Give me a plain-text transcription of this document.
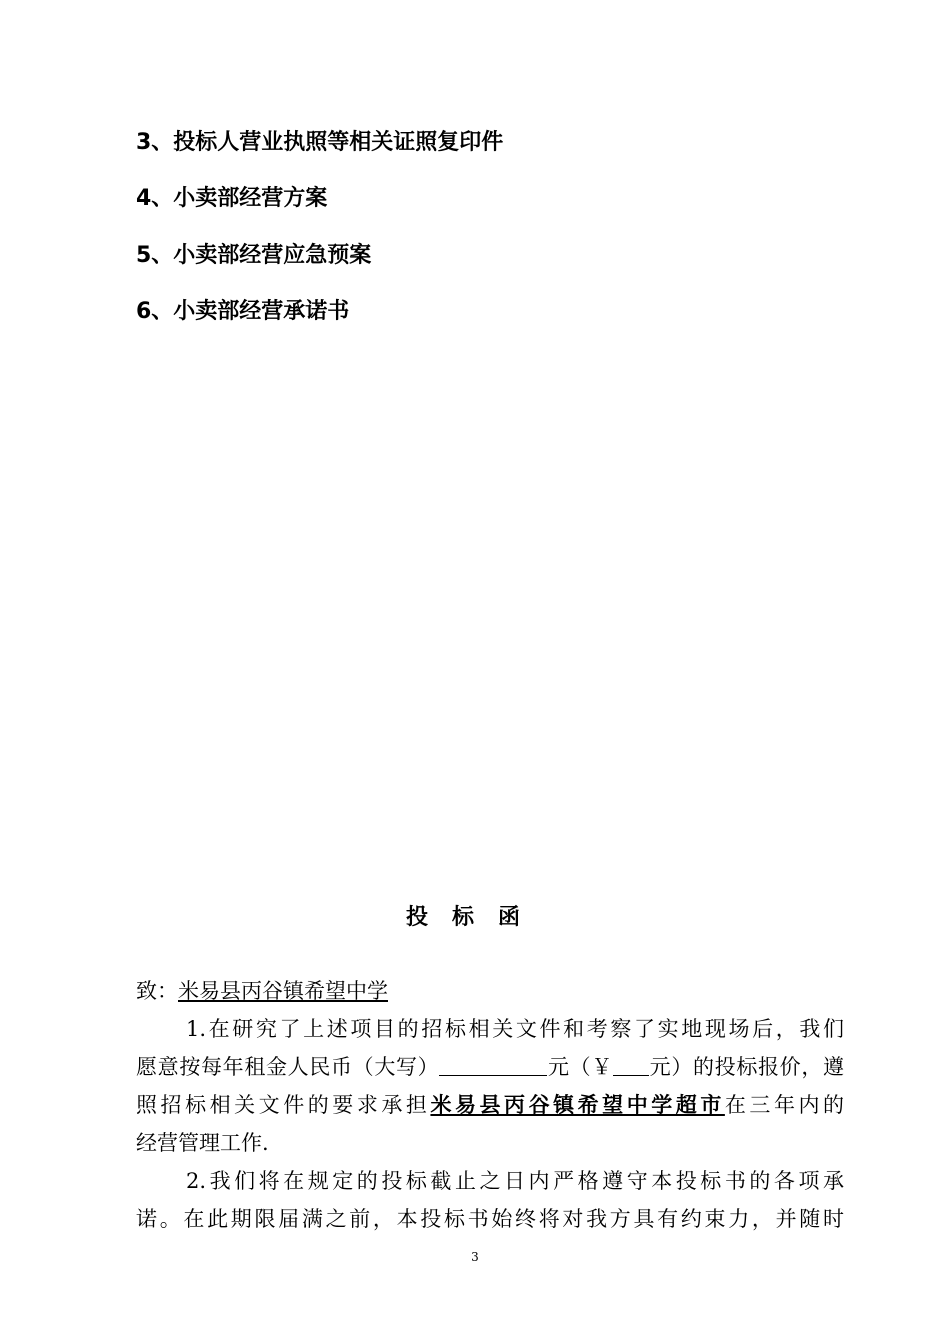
3、投标人营业执照等相关证照复印件
4、小卖部经营方案
5、小卖部经营应急预案
6、小卖部经营承诺书
投标函
致：米易县丙谷镇希望中学
1.在研究了上述项目的招标相关文件和考察了实地现场后，我们
愿意按每年租金人民币（大写）	元（￥ 元）的投标报价，遵
照招标相关文件的要求承担米易县丙谷镇希望中学超市在三年内的
经营管理工作.
2.我们将在规定的投标截止之日内严格遵守本投标书的各项承
诺。在此期限届满之前，本投标书始终将对我方具有约束力，并随时
3
